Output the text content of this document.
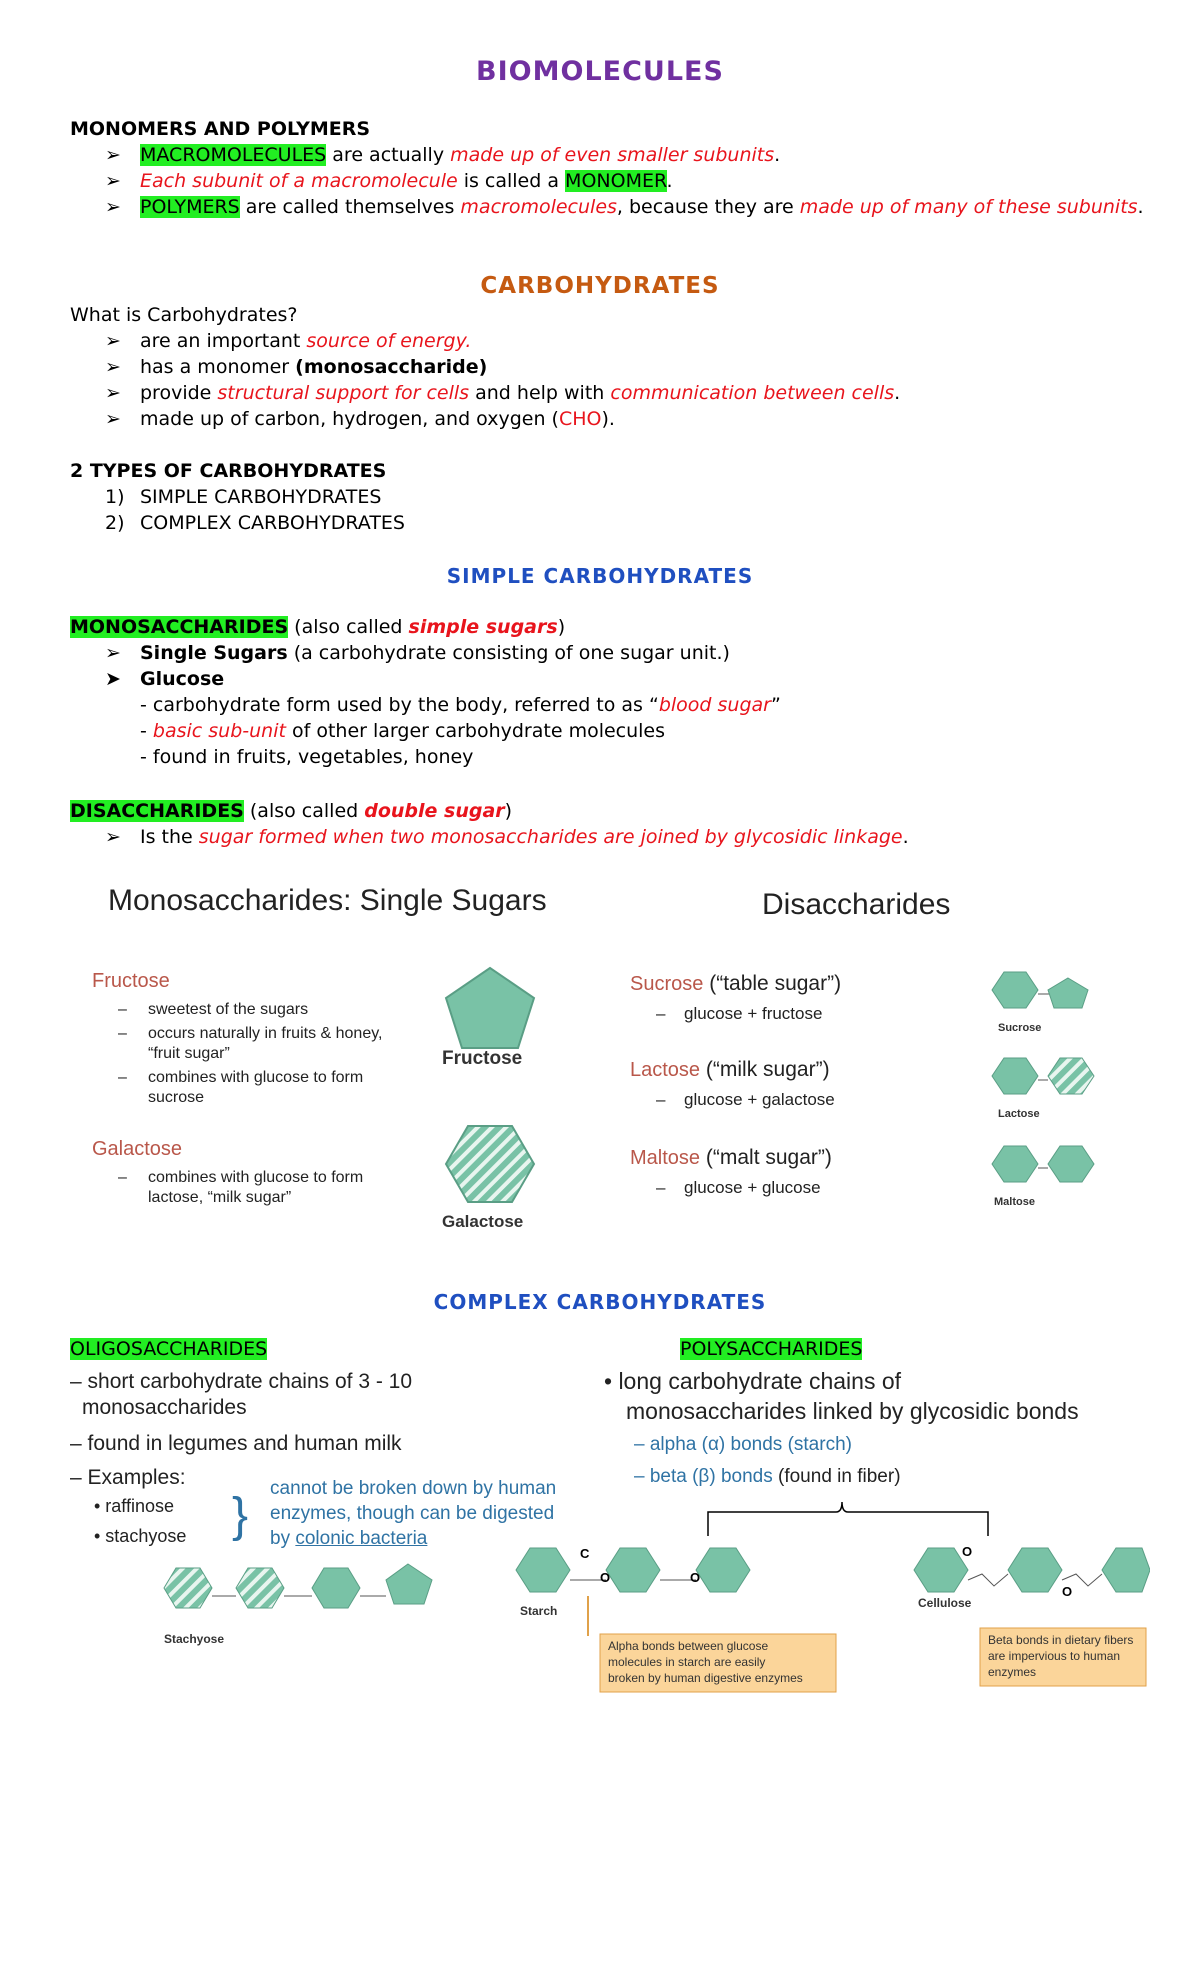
BIOMOLECULES
MONOMERS AND POLYMERS
➢ MACROMOLECULES are actually made up of even smaller subunits.
➢ Each subunit of a macromolecule is called a MONOMER.
➢ POLYMERS are called themselves macromolecules, because they are made up of many of these subunits.
CARBOHYDRATES
What is Carbohydrates?
➢ are an important source of energy.
➢ has a monomer (monosaccharide)
➢ provide structural support for cells and help with communication between cells.
➢ made up of carbon, hydrogen, and oxygen (CHO).
2 TYPES OF CARBOHYDRATES
1) SIMPLE CARBOHYDRATES
2) COMPLEX CARBOHYDRATES
SIMPLE CARBOHYDRATES
MONOSACCHARIDES (also called simple sugars)
➢ Single Sugars (a carbohydrate consisting of one sugar unit.)
➤ Glucose
- carbohydrate form used by the body, referred to as “blood sugar”
- basic sub-unit of other larger carbohydrate molecules
- found in fruits, vegetables, honey
DISACCHARIDES (also called double sugar)
➢ Is the sugar formed when two monosaccharides are joined by glycosidic linkage.
Monosaccharides: Single Sugars	Disaccharides
Fructose
– sweetest of the sugars
– occurs naturally in fruits & honey,
“fruit sugar”
– combines with glucose to form
sucrose
Galactose
– combines with glucose to form
lactose, “milk sugar”
Fructose
Galactose
Sucrose (“table sugar”)
– glucose + fructose
Lactose (“milk sugar”)
– glucose + galactose
Maltose (“malt sugar”)
– glucose + glucose
Sucrose
Lactose
Maltose
COMPLEX CARBOHYDRATES
OLIGOSACCHARIDES	POLYSACCHARIDES
– short carbohydrate chains of 3 - 10
monosaccharides
– found in legumes and human milk
– Examples:
• raffinose
• stachyose }
cannot be broken down by human
enzymes, though can be digested
by colonic bacteria
Stachyose
• long carbohydrate chains of
monosaccharides linked by glycosidic bonds
– alpha (α) bonds (starch)
– beta (β) bonds (found in fiber)
C
O	O
O
O
Starch
Cellulose
Alpha bonds between glucose
molecules in starch are easily
broken by human digestive enzymes
Beta bonds in dietary fibers
are impervious to human
enzymes
